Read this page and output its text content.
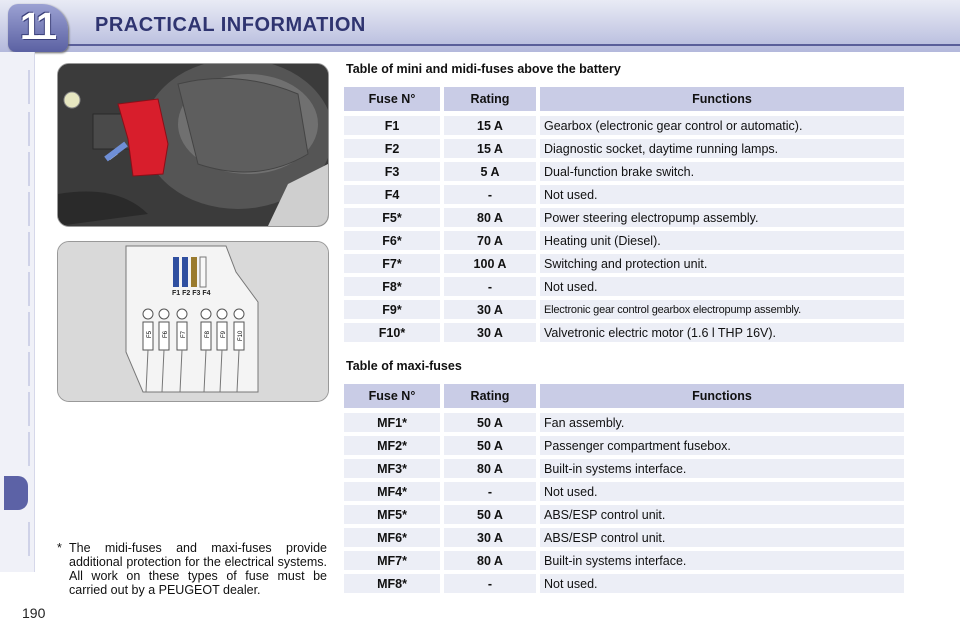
11 PRACTICAL INFORMATION
190
F1 F2 F3 F4
F5 F6 F7	F8 F9 F10
* The midi-fuses and maxi-fuses provide additional protection for the electrical systems. All work on these types of fuse must be carried out by a PEUGEOT dealer.
Table of mini and midi-fuses above the battery
Fuse N°	Rating	Functions
F1	15 A	Gearbox (electronic gear control or automatic).
F2	15 A	Diagnostic socket, daytime running lamps.
F3	5 A	Dual-function brake switch.
F4	-	Not used.
F5*	80 A	Power steering electropump assembly.
F6*	70 A	Heating unit (Diesel).
F7*	100 A	Switching and protection unit.
F8*	-	Not used.
F9*	30 A	Electronic gear control gearbox electropump assembly.
F10*	30 A	Valvetronic electric motor (1.6 l THP 16V).
Table of maxi-fuses
Fuse N°	Rating	Functions
MF1*	50 A	Fan assembly.
MF2*	50 A	Passenger compartment fusebox.
MF3*	80 A	Built-in systems interface.
MF4*	-	Not used.
MF5*	50 A	ABS/ESP control unit.
MF6*	30 A	ABS/ESP control unit.
MF7*	80 A	Built-in systems interface.
MF8*	-	Not used.
